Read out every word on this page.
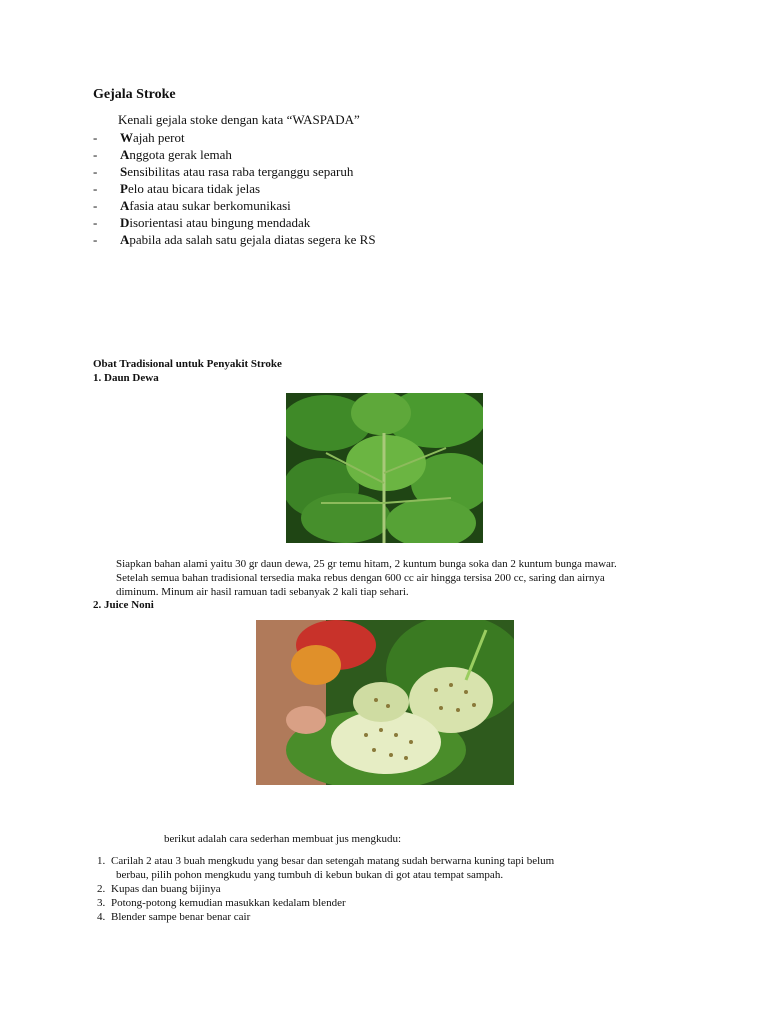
Gejala Stroke
Kenali gejala stoke dengan kata “WASPADA”
-	W ajah perot
-	A nggota gerak lemah
-	S ensibilitas atau rasa raba terganggu separuh
-	P elo atau bicara tidak jelas
-	A fasia atau sukar berkomunikasi
-	D isorientasi atau bingung mendadak
-	A pabila ada salah satu gejala diatas segera ke RS
Obat Tradisional untuk Penyakit Stroke
1. Daun Dewa
Siapkan bahan alami yaitu 30 gr daun dewa, 25 gr temu hitam, 2 kuntum bunga soka dan 2 kuntum bunga mawar. Setelah semua bahan tradisional tersedia maka rebus dengan 600 cc air hingga tersisa 200 cc, saring dan airnya diminum. Minum air hasil ramuan tadi sebanyak 2 kali tiap sehari.
2. Juice Noni
berikut adalah cara sederhan membuat jus mengkudu:
1. Carilah 2 atau 3 buah mengkudu yang besar dan setengah matang sudah berwarna kuning tapi belum
berbau, pilih pohon mengkudu yang tumbuh di kebun bukan di got atau tempat sampah.
2. Kupas dan buang bijinya
3. Potong-potong kemudian masukkan kedalam blender
4. Blender sampe benar benar cair
